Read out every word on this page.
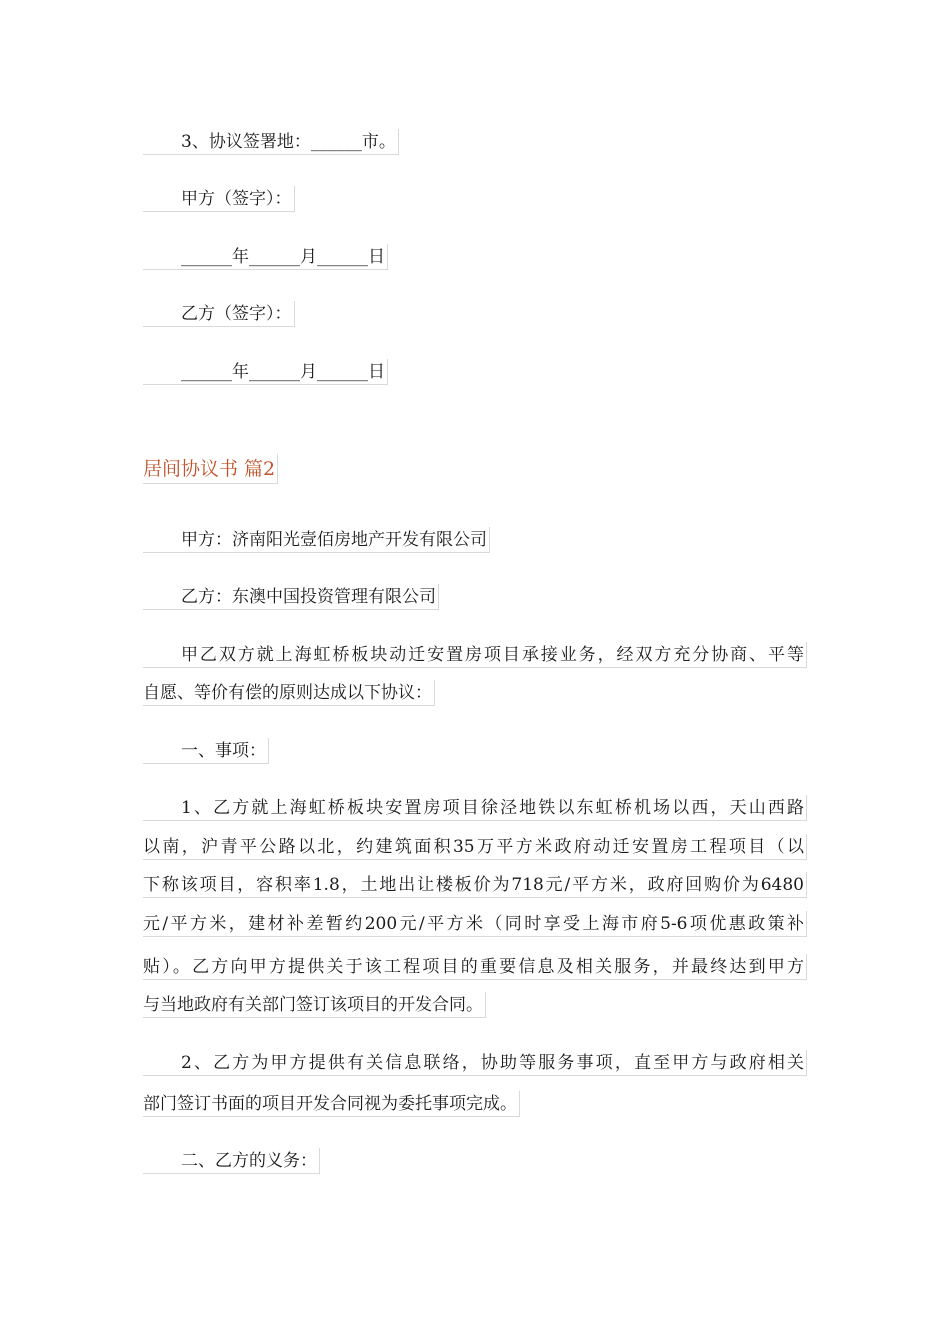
3、协议签署地：______市。
甲方（签字）：
______年______月______日
乙方（签字）：
______年______月______日
居间协议书 篇2
甲方：济南阳光壹佰房地产开发有限公司
乙方：东澳中国投资管理有限公司
甲乙双方就上海虹桥板块动迁安置房项目承接业务，经双方充分协商、平等
自愿、等价有偿的原则达成以下协议：
一、事项：
1、乙方就上海虹桥板块安置房项目徐泾地铁以东虹桥机场以西，天山西路
以南，沪青平公路以北，约建筑面积35万平方米政府动迁安置房工程项目（以
下称该项目，容积率1.8，土地出让楼板价为718元/平方米，政府回购价为6480
元/平方米，建材补差暂约200元/平方米（同时享受上海市府5-6项优惠政策补
贴）。乙方向甲方提供关于该工程项目的重要信息及相关服务，并最终达到甲方
与当地政府有关部门签订该项目的开发合同。
2、乙方为甲方提供有关信息联络，协助等服务事项，直至甲方与政府相关
部门签订书面的项目开发合同视为委托事项完成。
二、乙方的义务：
